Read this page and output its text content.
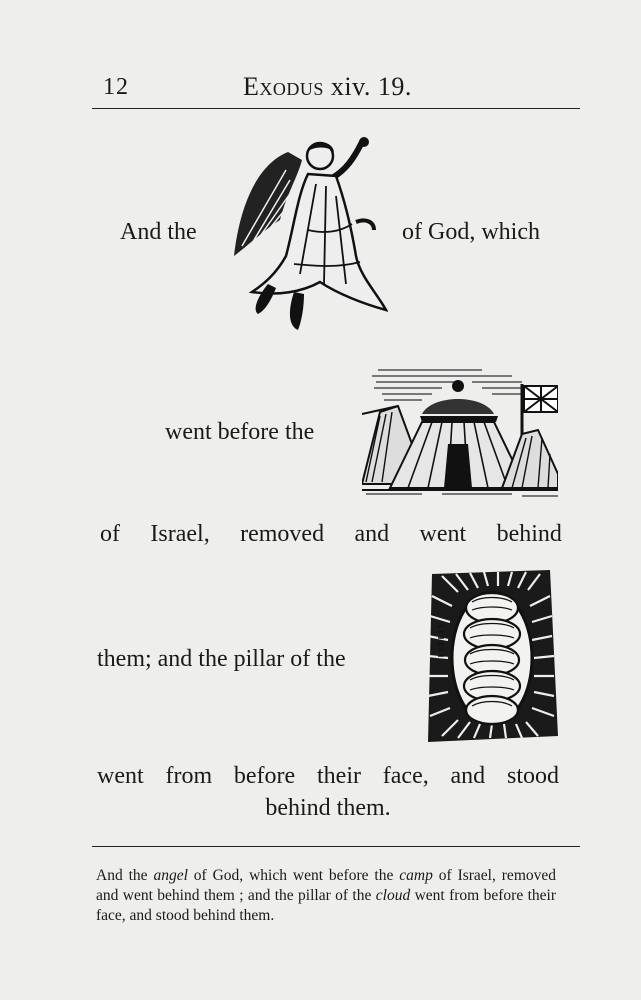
12	Exodus xiv. 19.
And the	of God, which
went before the
of Israel, removed and went behind
them; and the pillar of the
went from before their face, and stood
behind them.
And the angel of God, which went before the camp of Israel, removed and went behind them ; and the pillar of the cloud went from before their face, and stood behind them.
